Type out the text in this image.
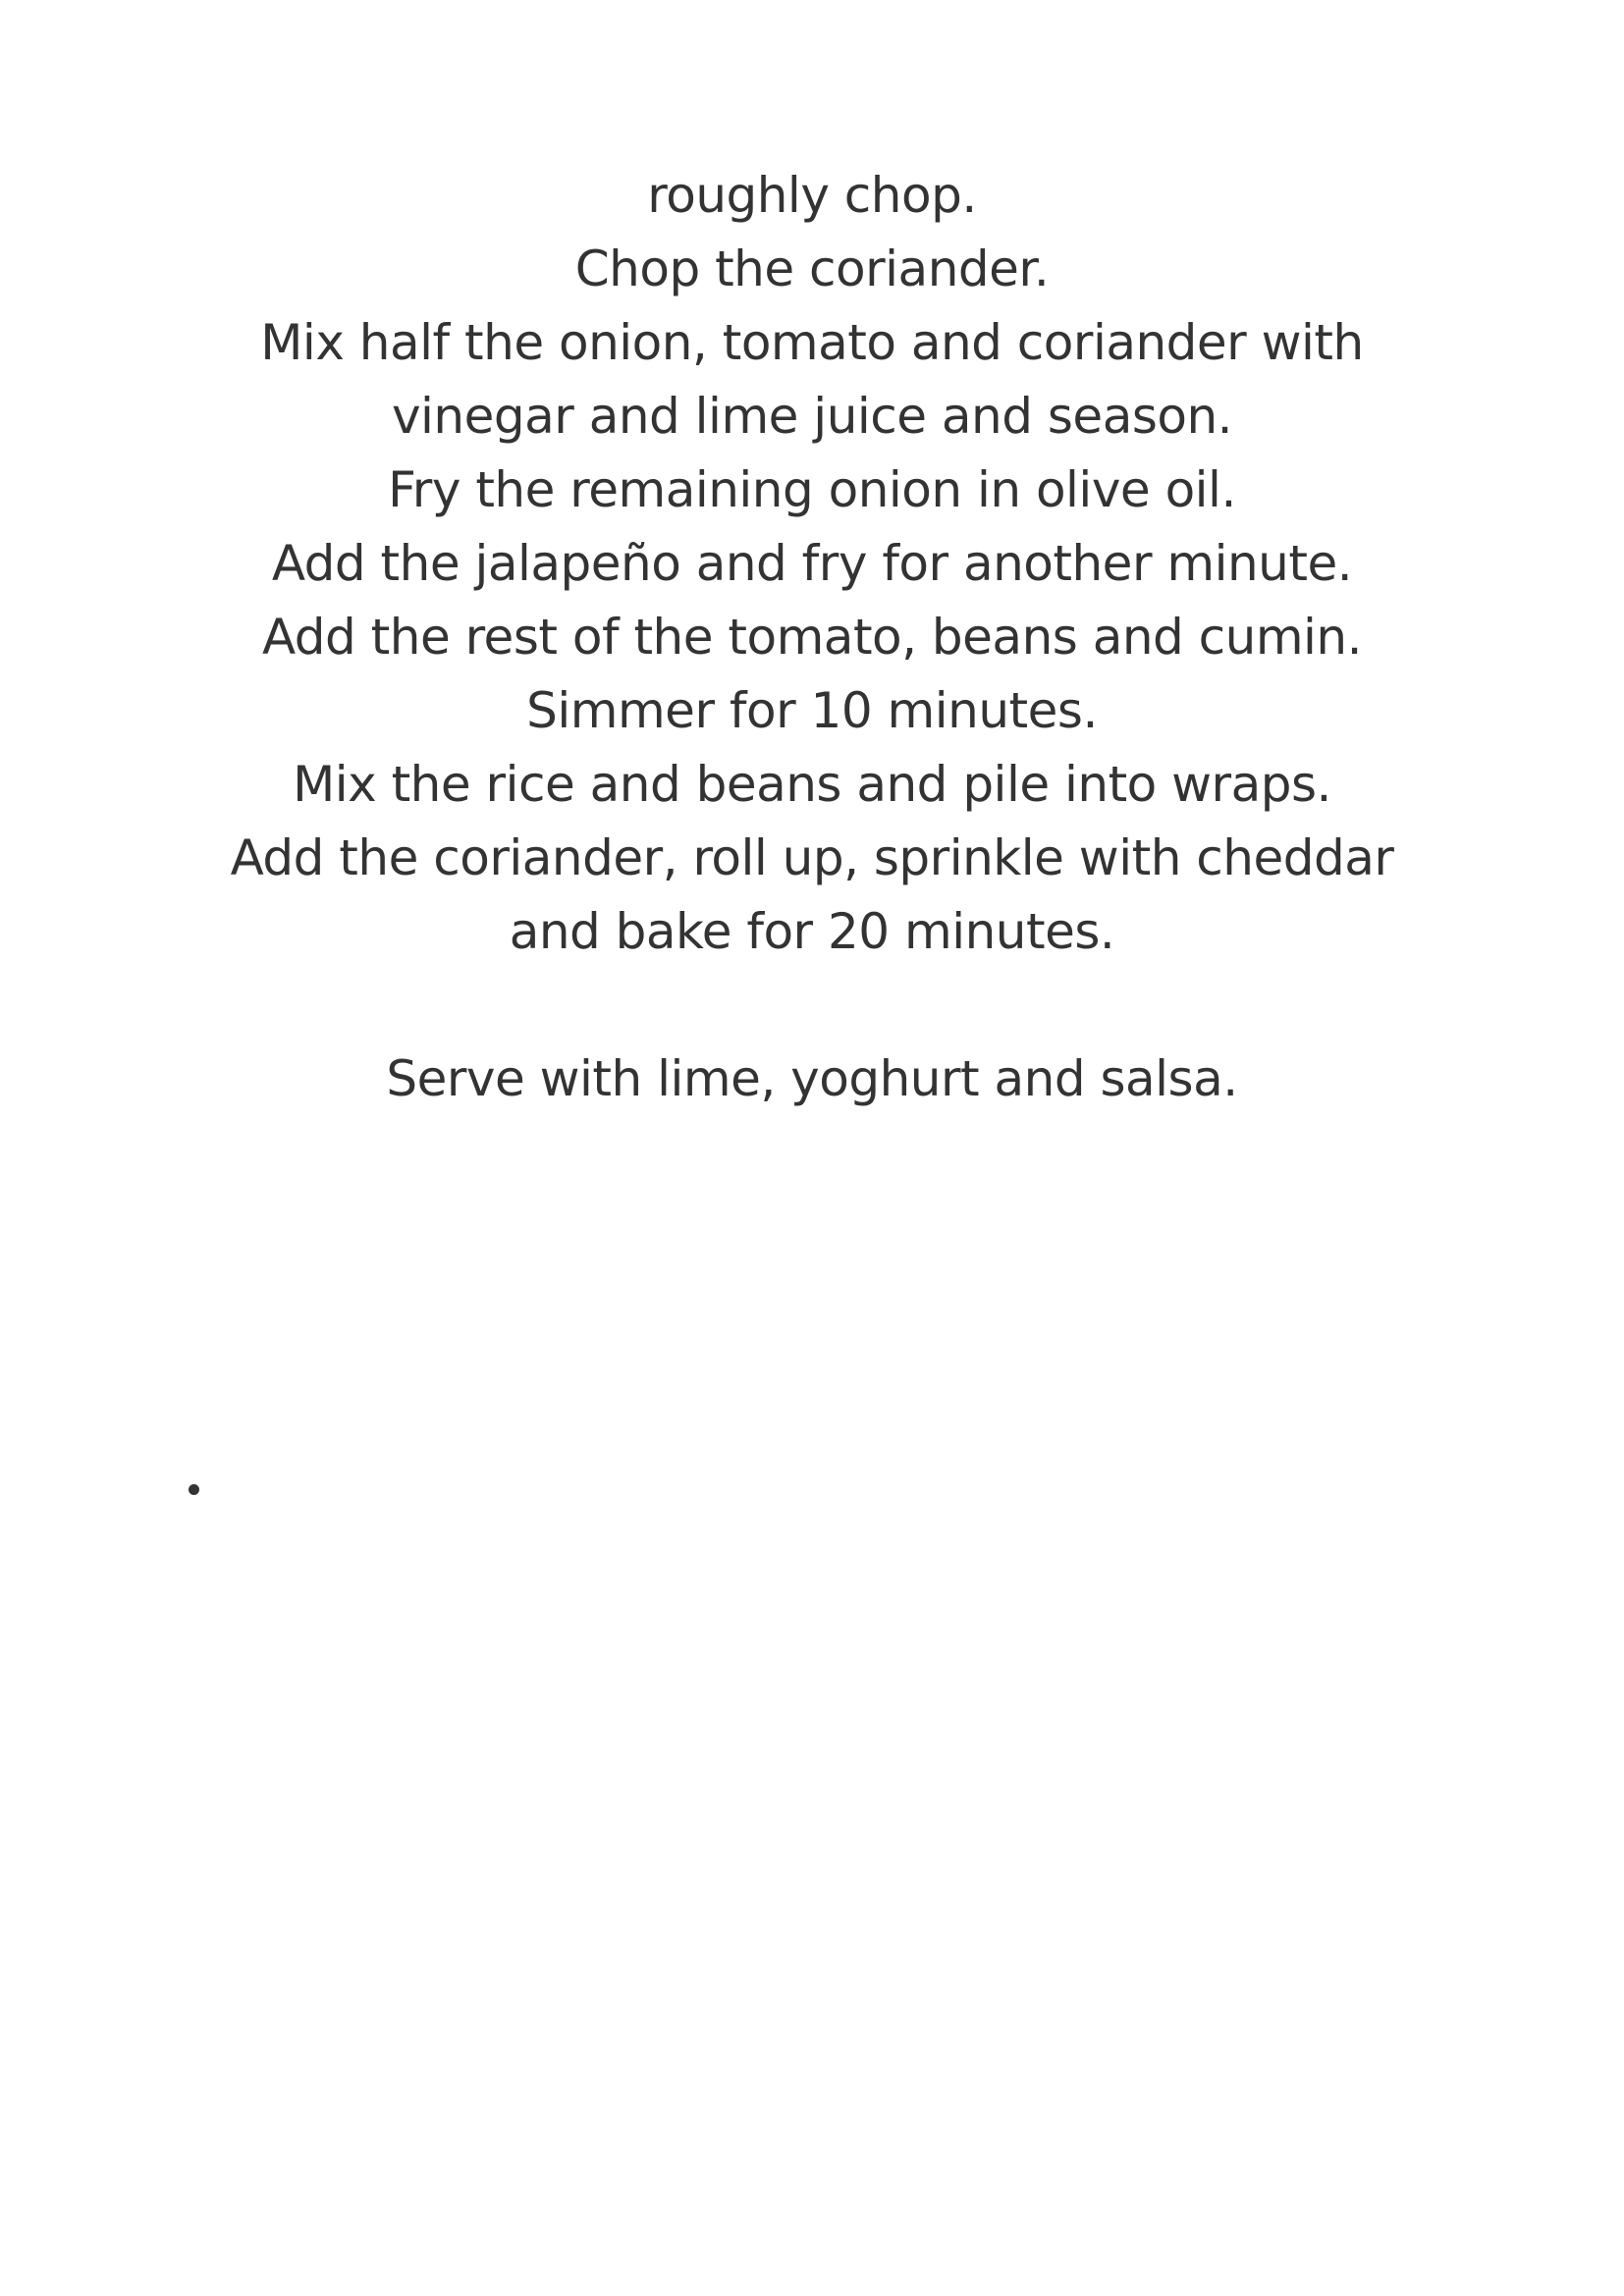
roughly chop.
Chop the coriander.
Mix half the onion, tomato and coriander with
vinegar and lime juice and season.
Fry the remaining onion in olive oil.
Add the jalapeño and fry for another minute.
Add the rest of the tomato, beans and cumin.
Simmer for 10 minutes.
Mix the rice and beans and pile into wraps.
Add the coriander, roll up, sprinkle with cheddar
and bake for 20 minutes.
Serve with lime, yoghurt and salsa.
